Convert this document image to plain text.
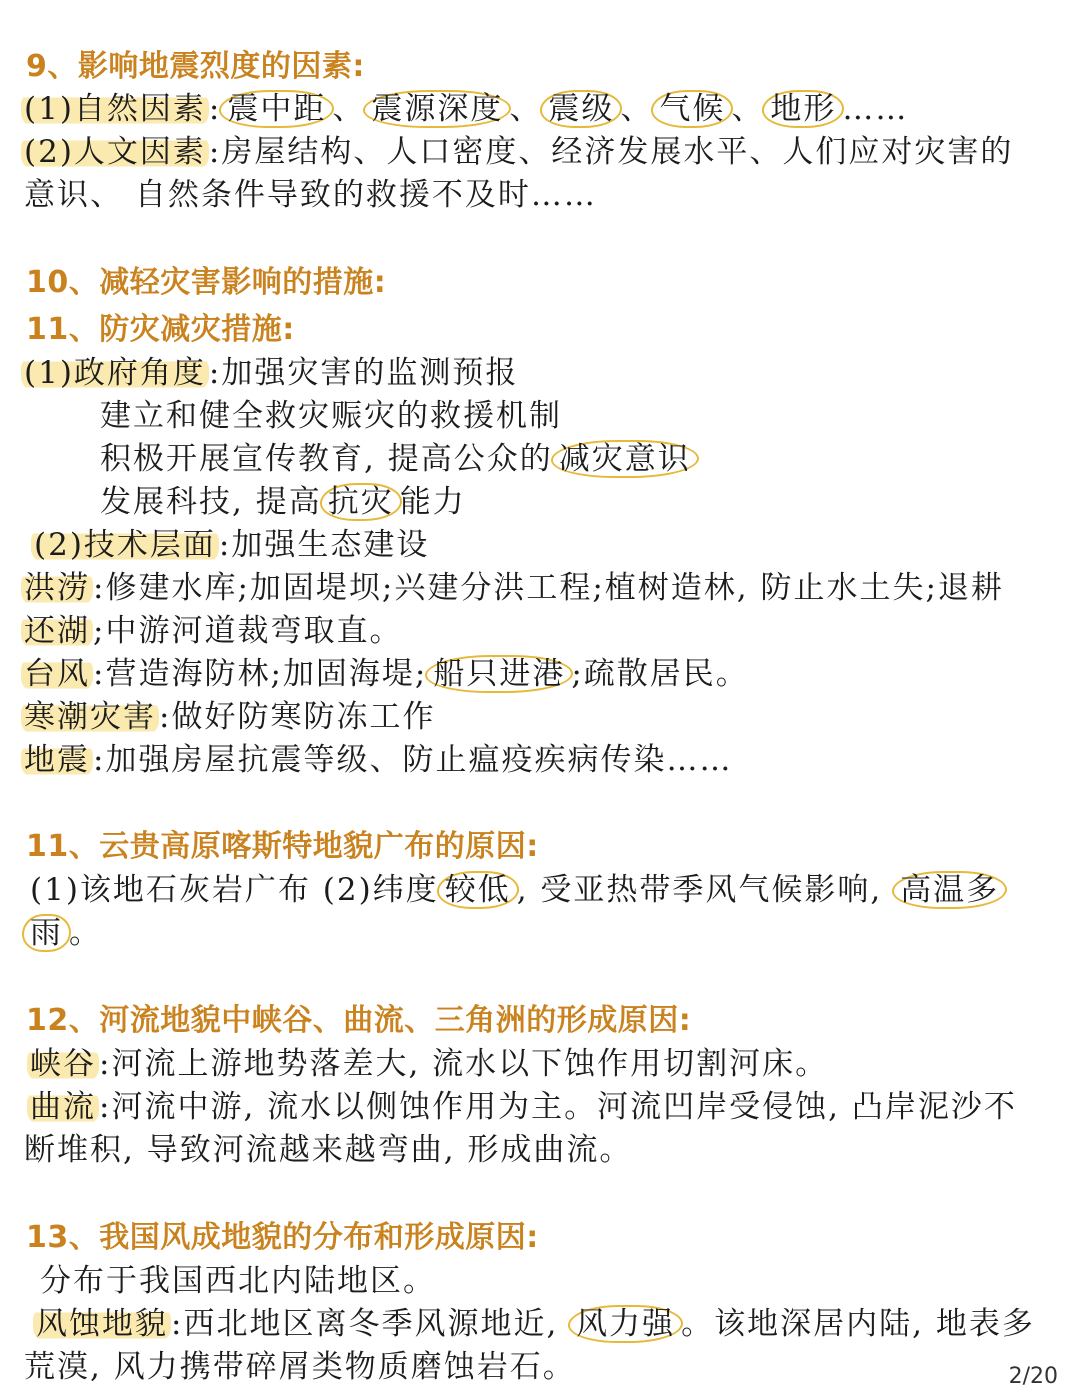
9、影响地震烈度的因素:
(1)自然因素: 震中距 、 震源深度 、 震级 、 气候 、 地形 ……
(2)人文因素:房屋结构、人口密度、经济发展水平、人们应对灾害的
意识、 自然条件导致的救援不及时……
10、减轻灾害影响的措施:
11、防灾减灾措施:
(1)政府角度:加强灾害的监测预报
建立和健全救灾赈灾的救援机制
积极开展宣传教育, 提高公众的 减灾意识
发展科技, 提高 抗灾 能力
(2)技术层面:加强生态建设
洪涝:修建水库;加固堤坝;兴建分洪工程;植树造林, 防止水土失;退耕
还湖;中游河道裁弯取直。
台风:营造海防林;加固海堤; 船只进港 ;疏散居民。
寒潮灾害:做好防寒防冻工作
地震:加强房屋抗震等级、防止瘟疫疾病传染……
11、云贵高原喀斯特地貌广布的原因:
(1)该地石灰岩广布 (2)纬度 较低 , 受亚热带季风气候影响, 高温多
雨 。
12、河流地貌中峡谷、曲流、三角洲的形成原因:
峡谷:河流上游地势落差大, 流水以下蚀作用切割河床。
曲流:河流中游, 流水以侧蚀作用为主。河流凹岸受侵蚀, 凸岸泥沙不
断堆积, 导致河流越来越弯曲, 形成曲流。
13、我国风成地貌的分布和形成原因:
分布于我国西北内陆地区。
风蚀地貌:西北地区离冬季风源地近, 风力强 。该地深居内陆, 地表多
荒漠, 风力携带碎屑类物质磨蚀岩石。	2/20
